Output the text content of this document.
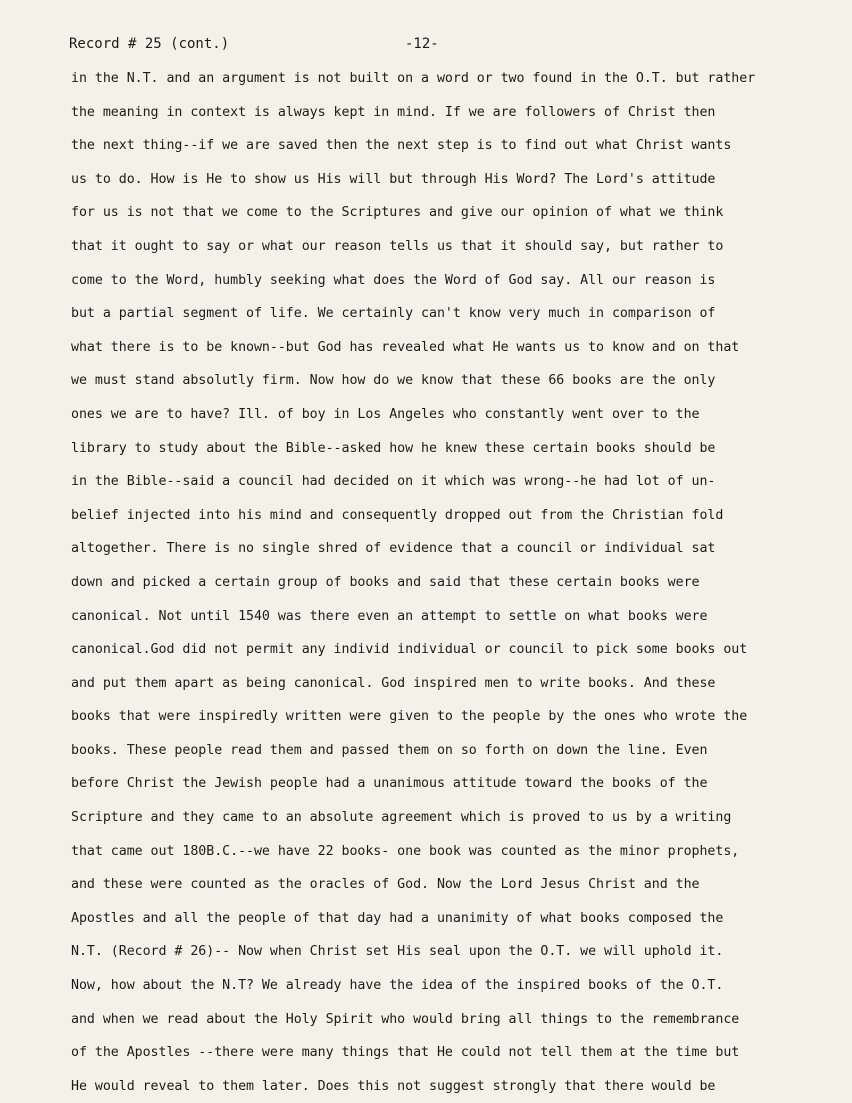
Record # 25 (cont.)	-12-
in the N.T. and an argument is not built on a word or two found in the O.T. but rather
the meaning in context is always kept in mind. If we are followers of Christ then
the next thing--if we are saved then the next step is to find out what Christ wants
us to do. How is He to show us His will but through His Word? The Lord's attitude
for us is not that we come to the Scriptures and give our opinion of what we think
that it ought to say or what our reason tells us that it should say, but rather to
come to the Word, humbly seeking what does the Word of God say. All our reason is
but a partial segment of life. We certainly can't know very much in comparison of
what there is to be known--but God has revealed what He wants us to know and on that
we must stand absolutly firm. Now how do we know that these 66 books are the only
ones we are to have? Ill. of boy in Los Angeles who constantly went over to the
library to study about the Bible--asked how he knew these certain books should be
in the Bible--said a council had decided on it which was wrong--he had lot of un-
belief injected into his mind and consequently dropped out from the Christian fold
altogether. There is no single shred of evidence that a council or individual sat
down and picked a certain group of books and said that these certain books were
canonical. Not until 1540 was there even an attempt to settle on what books were
canonical.God did not permit any individ individual or council to pick some books out
and put them apart as being canonical. God inspired men to write books. And these
books that were inspiredly written were given to the people by the ones who wrote the
books. These people read them and passed them on so forth on down the line. Even
before Christ the Jewish people had a unanimous attitude toward the books of the
Scripture and they came to an absolute agreement which is proved to us by a writing
that came out 180B.C.--we have 22 books- one book was counted as the minor prophets,
and these were counted as the oracles of God. Now the Lord Jesus Christ and the
Apostles and all the people of that day had a unanimity of what books composed the
N.T. (Record # 26)-- Now when Christ set His seal upon the O.T. we will uphold it.
Now, how about the N.T? We already have the idea of the inspired books of the O.T.
and when we read about the Holy Spirit who would bring all things to the remembrance
of the Apostles --there were many things that He could not tell them at the time but
He would reveal to them later. Does this not suggest strongly that there would be
